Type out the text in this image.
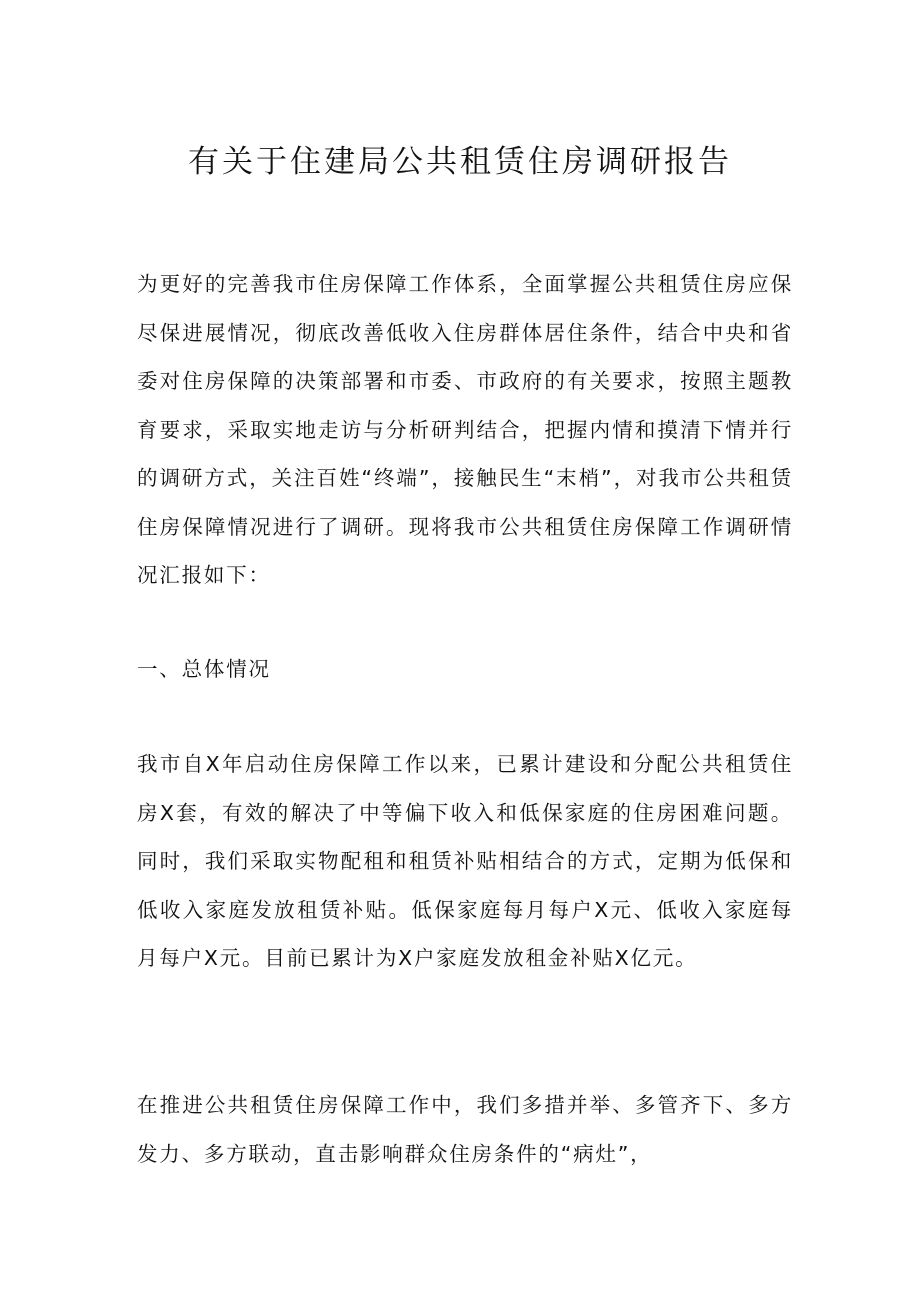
有关于住建局公共租赁住房调研报告

为更好的完善我市住房保障工作体系，全面掌握公共租赁住房应保尽保进展情况，彻底改善低收入住房群体居住条件，结合中央和省委对住房保障的决策部署和市委、市政府的有关要求，按照主题教育要求，采取实地走访与分析研判结合，把握内情和摸清下情并行的调研方式，关注百姓“终端”，接触民生“末梢”，对我市公共租赁住房保障情况进行了调研。现将我市公共租赁住房保障工作调研情况汇报如下：

一、总体情况

我市自X年启动住房保障工作以来，已累计建设和分配公共租赁住房X套，有效的解决了中等偏下收入和低保家庭的住房困难问题。同时，我们采取实物配租和租赁补贴相结合的方式，定期为低保和低收入家庭发放租赁补贴。低保家庭每月每户X元、低收入家庭每月每户X元。目前已累计为X户家庭发放租金补贴X亿元。

在推进公共租赁住房保障工作中，我们多措并举、多管齐下、多方发力、多方联动，直击影响群众住房条件的“病灶”，
